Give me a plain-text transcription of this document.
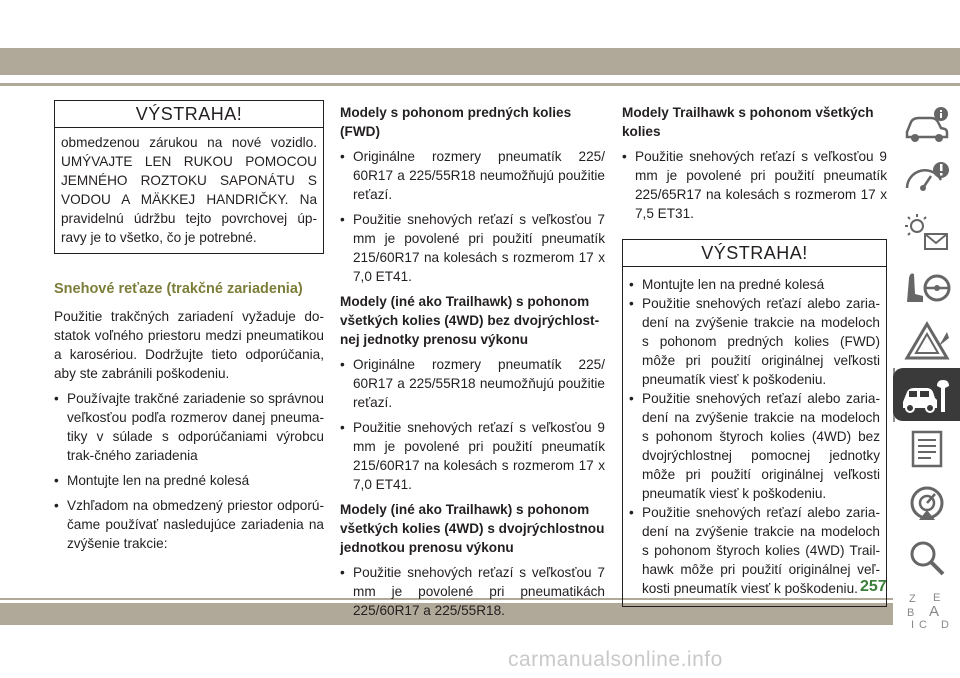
VÝSTRAHA!
obmedzenou zárukou na nové vozidlo. UMÝVAJTE LEN RUKOU POMOCOU JEMNÉHO ROZTOKU SAPONÁTU S VODOU A MÄKKEJ HANDRIČKY. Na pravidelnú údržbu tejto povrchovej úp-ravy je to všetko, čo je potrebné.
Snehové reťaze (trakčné zariadenia)

Použitie trakčných zariadení vyžaduje do-statok voľného priestoru medzi pneumatikou a karosériou. Dodržujte tieto odporúčania, aby ste zabránili poškodeniu.

• Používajte trakčné zariadenie so správnou veľkosťou podľa rozmerov danej pneuma-tiky v súlade s odporúčaniami výrobcu trak-čného zariadenia
• Montujte len na predné kolesá
• Vzhľadom na obmedzený priestor odporú-čame používať nasledujúce zariadenia na zvýšenie trakcie:
Modely s pohonom predných kolies (FWD)
• Originálne rozmery pneumatík 225/ 60R17 a 225/55R18 neumožňujú použitie reťazí.
• Použitie snehových reťazí s veľkosťou 7 mm je povolené pri použití pneumatík 215/60R17 na kolesách s rozmerom 17 x 7,0 ET41.
Modely (iné ako Trailhawk) s pohonom všetkých kolies (4WD) bez dvojrýchlost-nej jednotky prenosu výkonu
• Originálne rozmery pneumatík 225/ 60R17 a 225/55R18 neumožňujú použitie reťazí.
• Použitie snehových reťazí s veľkosťou 9 mm je povolené pri použití pneumatík 215/60R17 na kolesách s rozmerom 17 x 7,0 ET41.
Modely (iné ako Trailhawk) s pohonom všetkých kolies (4WD) s dvojrýchlostnou jednotkou prenosu výkonu
• Použitie snehových reťazí s veľkosťou 7 mm je povolené pri pneumatikách 225/60R17 a 225/55R18.
Modely Trailhawk s pohonom všetkých kolies
• Použitie snehových reťazí s veľkosťou 9 mm je povolené pri použití pneumatík 225/65R17 na kolesách s rozmerom 17 x 7,5 ET31.
VÝSTRAHA!
• Montujte len na predné kolesá
• Použitie snehových reťazí alebo zaria-dení na zvýšenie trakcie na modeloch s pohonom predných kolies (FWD) môže pri použití originálnej veľkosti pneumatík viesť k poškodeniu.
• Použitie snehových reťazí alebo zaria-dení na zvýšenie trakcie na modeloch s pohonom štyroch kolies (4WD) bez dvojrýchlostnej pomocnej jednotky môže pri použití originálnej veľkosti pneumatík viesť k poškodeniu.
• Použitie snehových reťazí alebo zaria-dení na zvýšenie trakcie na modeloch s pohonom štyroch kolies (4WD) Trail-hawk môže pri použití originálnej veľ-kosti pneumatík viesť k poškodeniu.
Z E
B A
I C D
257
carmanualsonline.info
